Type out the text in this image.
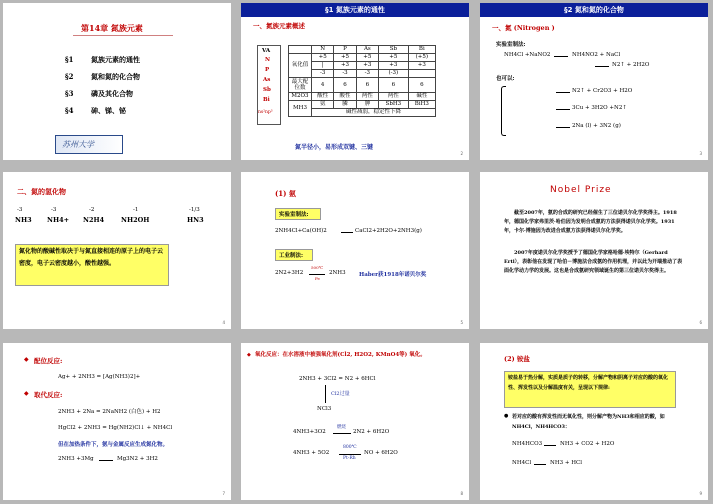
第14章 氮族元素
§1 氮族元素的通性
§2 氮和氮的化合物
§3 磷及其化合物
§4 砷、锑、铋
苏州大学
§1 氮族元素的通性
一、氮族元素概述
VA
N
P
As
Sb
Bi
ns²np³
	N	P	As	Sb	Bi
氧化值	+5	+5	+5	+5	(+5)
	|	+3	+3	+3	+3
	-3	-3	-3	(-3)	
最大配位数	4	6	6	6	6
M2O3	酸性	酸性	两性	两性	碱性
MH3	氨	膦	胂	SbH3	BiH3
	碱性减弱，稳定性下降				
氮半径小，易形成双键、三键
2
§2 氮和氮的化合物
一、氮 (Nitrogen )
实验室制法:
NH4Cl +NaNO2	NH4NO2 + NaCl
N2↑ + 2H2O
也可以:
N2↑ + Cr2O3 + H2O
3Cu + 3H2O +N2↑
2Na (l) + 3N2 (g)
3
二、氮的氢化物
-3	-3	-2	-1	-1/3
NH3 NH4+ N2H4	NH2OH	HN3
氮化物的酸碱性取决于与氮直接相连的原子上的电子云密度，电子云密度越小，酸性越强。
4
(1) 氨
实验室制法:
2NH4Cl+Ca(OH)2	CaCl2+2H2O+2NH3(g)
工业制法:
2N2+3H2
500℃
Fe
2NH3 Haber获1918年诺贝尔奖
5
Nobel Prize
截至2007年，氨的合成的研究已经催生了三位诺贝尔化学奖得主。1918年，德国化学家弗里茨·哈伯因为发明合成氨的方法获得诺贝尔化学奖。1931年，卡尔·博施因为改进合成氨方法获得诺贝尔化学奖。
2007年度诺贝尔化学奖授予了德国化学家格哈德·埃特尔（Gerhard Ertl），表彰他在发现了哈伯－博施法合成氨的作用机理，并以此为开端推动了表面化学动力学的发展。这也是合成氨研究领域诞生的第三位诺贝尔奖得主。
6
◆ 配位反应:
Ag+ + 2NH3 = [Ag(NH3)2]+
◆ 取代反应:
2NH3 + 2Na = 2NaNH2 (白色) + H2
HgCl2 + 2NH3 = Hg(NH2)Cl↓ + NH4Cl
但在加热条件下，氨与金属反应生成氮化物。
2NH3 +3Mg	Mg3N2 + 3H2
7
◆ 氧化反应：在水溶液中被强氧化剂(Cl2, H2O2, KMnO4等) 氧化。
2NH3 + 3Cl2 = N2 + 6HCl
Cl2过量
NCl3
4NH3+3O2
燃烧
2N2 + 6H2O
4NH3 + 5O2
800℃
Pt-Rh
NO + 6H2O
8
(2) 铵盐
铵盐易于热分解，实质是质子的转移，分解产物和阴离子对应的酸的氧化性、挥发性以及分解温度有关，呈现以下规律:
● 若对应的酸有挥发性而无氧化性，则分解产物为NH3和相应的酸，如NH4Cl，NH4HCO3：
NH4HCO3	NH3 + CO2 + H2O
NH4Cl	NH3 + HCl
9
